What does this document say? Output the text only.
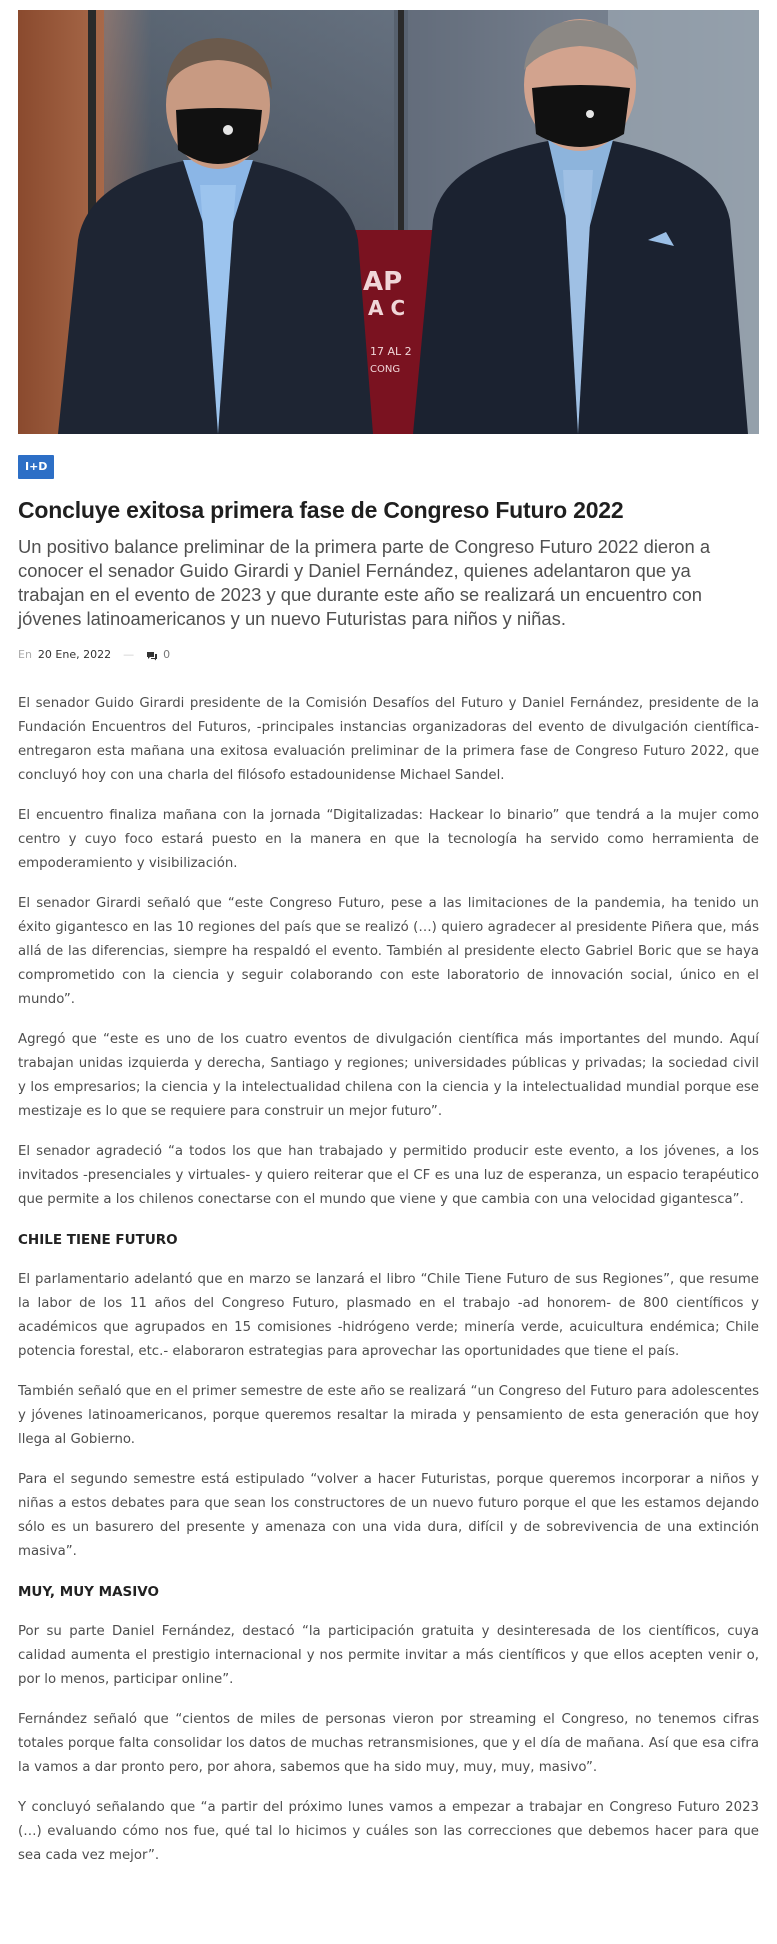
AP
A C
17 AL 2
CONG
I+D
Concluye exitosa primera fase de Congreso Futuro 2022

Un positivo balance preliminar de la primera parte de Congreso Futuro 2022 dieron a conocer el senador Guido Girardi y Daniel Fernández, quienes adelantaron que ya trabajan en el evento de 2023 y que durante este año se realizará un encuentro con jóvenes latinoamericanos y un nuevo Futuristas para niños y niñas.

En 20 Ene, 2022 —	0

El senador Guido Girardi presidente de la Comisión Desafíos del Futuro y Daniel Fernández, presidente de la Fundación Encuentros del Futuros, -principales instancias organizadoras del evento de divulgación científica- entregaron esta mañana una exitosa evaluación preliminar de la primera fase de Congreso Futuro 2022, que concluyó hoy con una charla del filósofo estadounidense Michael Sandel.

El encuentro finaliza mañana con la jornada “Digitalizadas: Hackear lo binario” que tendrá a la mujer como centro y cuyo foco estará puesto en la manera en que la tecnología ha servido como herramienta de empoderamiento y visibilización.

El senador Girardi señaló que “este Congreso Futuro, pese a las limitaciones de la pandemia, ha tenido un éxito gigantesco en las 10 regiones del país que se realizó (…) quiero agradecer al presidente Piñera que, más allá de las diferencias, siempre ha respaldó el evento. También al presidente electo Gabriel Boric que se haya comprometido con la ciencia y seguir colaborando con este laboratorio de innovación social, único en el mundo”.

Agregó que “este es uno de los cuatro eventos de divulgación científica más importantes del mundo. Aquí trabajan unidas izquierda y derecha, Santiago y regiones; universidades públicas y privadas; la sociedad civil y los empresarios; la ciencia y la intelectualidad chilena con la ciencia y la intelectualidad mundial porque ese mestizaje es lo que se requiere para construir un mejor futuro”.

El senador agradeció “a todos los que han trabajado y permitido producir este evento, a los jóvenes, a los invitados -presenciales y virtuales- y quiero reiterar que el CF es una luz de esperanza, un espacio terapéutico que permite a los chilenos conectarse con el mundo que viene y que cambia con una velocidad gigantesca”.

CHILE TIENE FUTURO

El parlamentario adelantó que en marzo se lanzará el libro “Chile Tiene Futuro de sus Regiones”, que resume la labor de los 11 años del Congreso Futuro, plasmado en el trabajo -ad honorem- de 800 científicos y académicos que agrupados en 15 comisiones -hidrógeno verde; minería verde, acuicultura endémica; Chile potencia forestal, etc.- elaboraron estrategias para aprovechar las oportunidades que tiene el país.

También señaló que en el primer semestre de este año se realizará “un Congreso del Futuro para adolescentes y jóvenes latinoamericanos, porque queremos resaltar la mirada y pensamiento de esta generación que hoy llega al Gobierno.

Para el segundo semestre está estipulado “volver a hacer Futuristas, porque queremos incorporar a niños y niñas a estos debates para que sean los constructores de un nuevo futuro porque el que les estamos dejando sólo es un basurero del presente y amenaza con una vida dura, difícil y de sobrevivencia de una extinción masiva”.

MUY, MUY MASIVO

Por su parte Daniel Fernández, destacó “la participación gratuita y desinteresada de los científicos, cuya calidad aumenta el prestigio internacional y nos permite invitar a más científicos y que ellos acepten venir o, por lo menos, participar online”.

Fernández señaló que “cientos de miles de personas vieron por streaming el Congreso, no tenemos cifras totales porque falta consolidar los datos de muchas retransmisiones, que y el día de mañana. Así que esa cifra la vamos a dar pronto pero, por ahora, sabemos que ha sido muy, muy, muy, masivo”.

Y concluyó señalando que “a partir del próximo lunes vamos a empezar a trabajar en Congreso Futuro 2023 (…) evaluando cómo nos fue, qué tal lo hicimos y cuáles son las correcciones que debemos hacer para que sea cada vez mejor”.
